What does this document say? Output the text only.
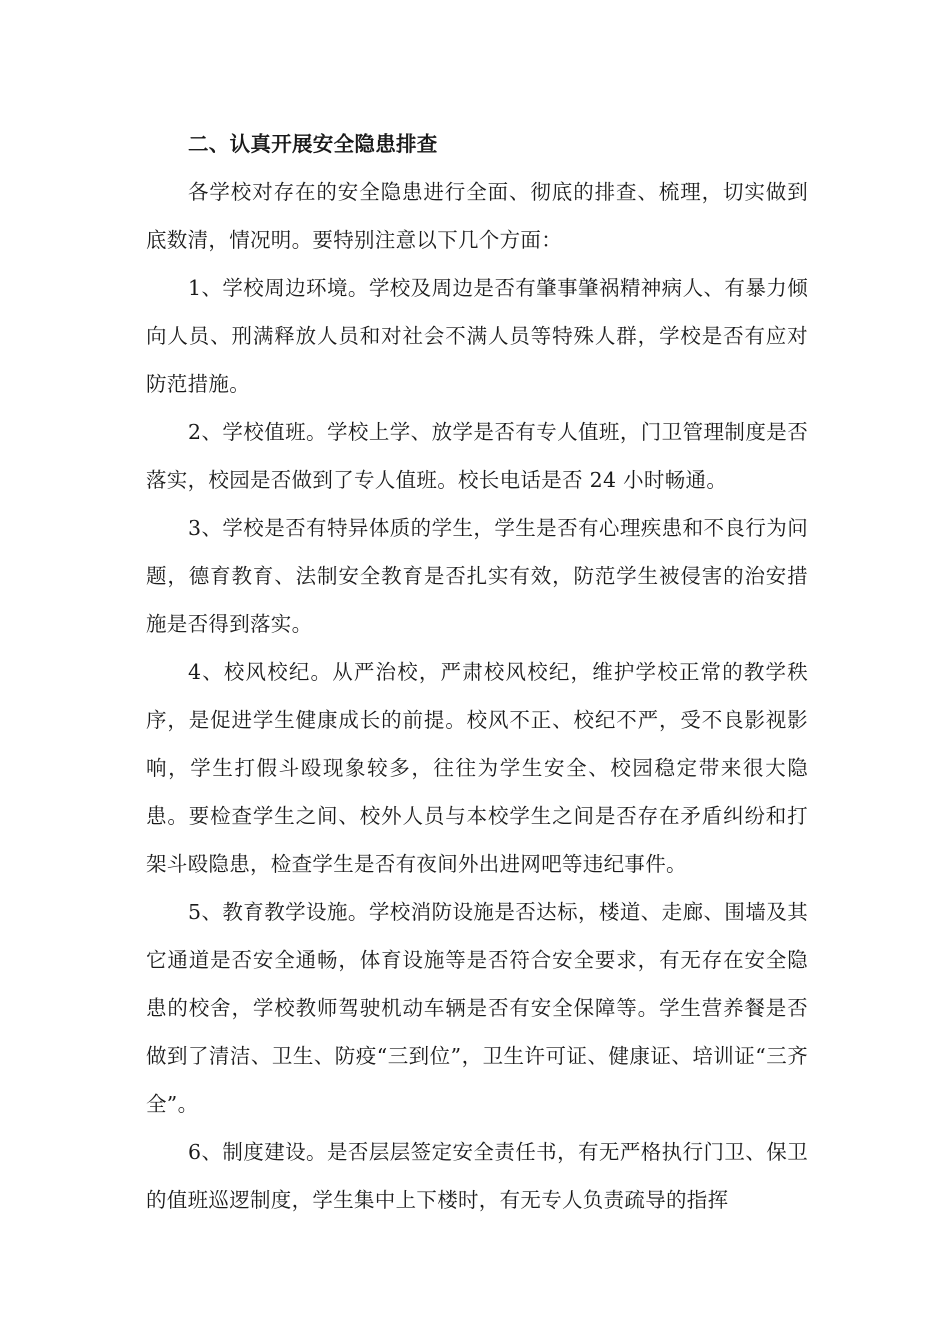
二、认真开展安全隐患排查

各学校对存在的安全隐患进行全面、彻底的排查、梳理，切实做到底数清，情况明。要特别注意以下几个方面：

1、学校周边环境。学校及周边是否有肇事肇祸精神病人、有暴力倾向人员、刑满释放人员和对社会不满人员等特殊人群，学校是否有应对防范措施。

2、学校值班。学校上学、放学是否有专人值班，门卫管理制度是否落实，校园是否做到了专人值班。校长电话是否 24 小时畅通。

3、学校是否有特异体质的学生，学生是否有心理疾患和不良行为问题，德育教育、法制安全教育是否扎实有效，防范学生被侵害的治安措施是否得到落实。

4、校风校纪。从严治校，严肃校风校纪，维护学校正常的教学秩序，是促进学生健康成长的前提。校风不正、校纪不严，受不良影视影响，学生打假斗殴现象较多，往往为学生安全、校园稳定带来很大隐患。要检查学生之间、校外人员与本校学生之间是否存在矛盾纠纷和打架斗殴隐患，检查学生是否有夜间外出进网吧等违纪事件。

5、教育教学设施。学校消防设施是否达标，楼道、走廊、围墙及其它通道是否安全通畅，体育设施等是否符合安全要求，有无存在安全隐患的校舍，学校教师驾驶机动车辆是否有安全保障等。学生营养餐是否做到了清洁、卫生、防疫“三到位”，卫生许可证、健康证、培训证“三齐全”。

6、制度建设。是否层层签定安全责任书，有无严格执行门卫、保卫的值班巡逻制度，学生集中上下楼时，有无专人负责疏导的指挥
